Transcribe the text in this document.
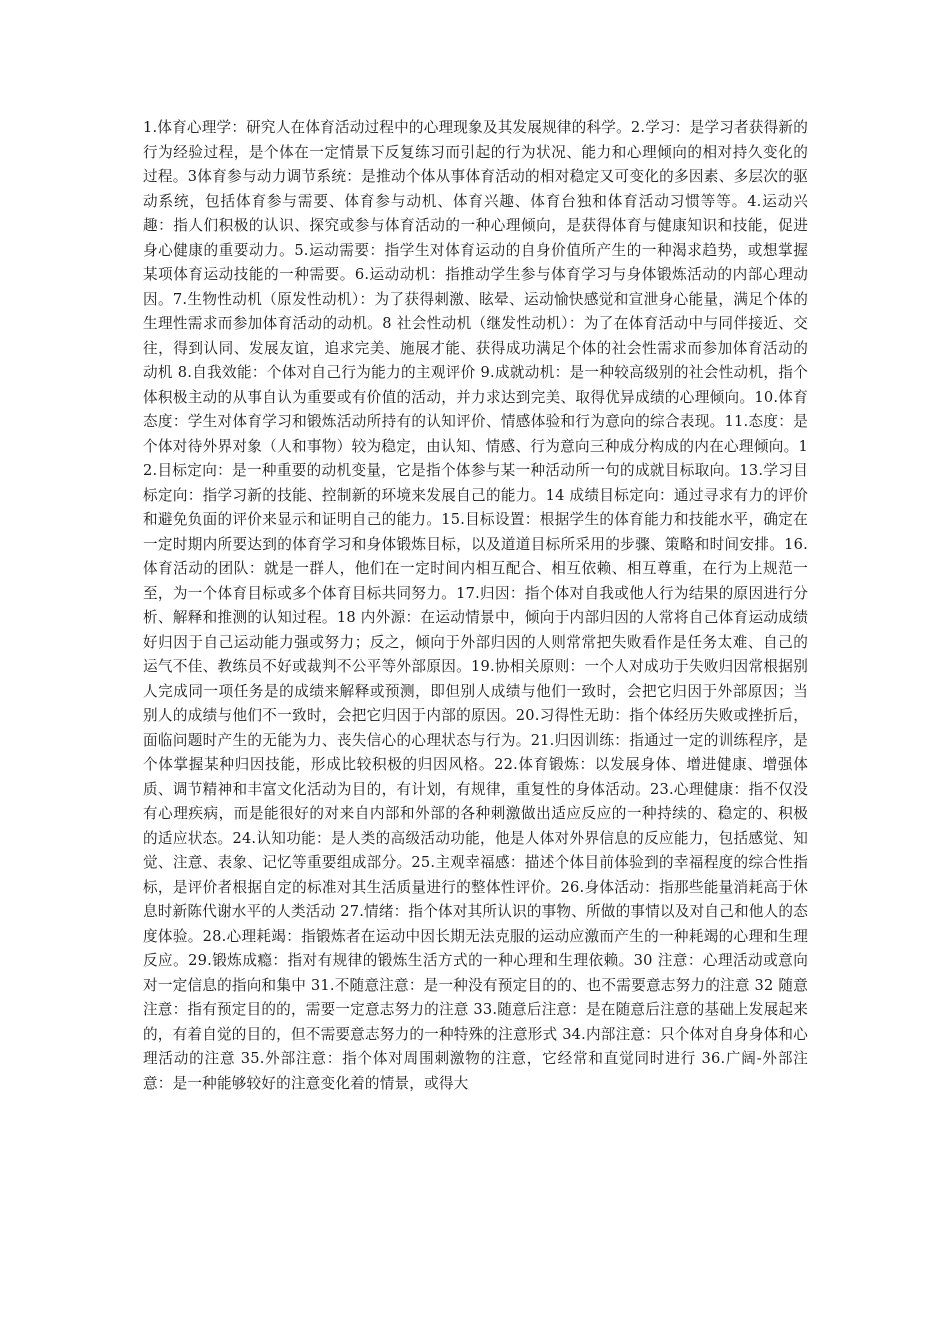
1.体育心理学：研究人在体育活动过程中的心理现象及其发展规律的科学。2.学习：是学习者获得新的行为经验过程，是个体在一定情景下反复练习而引起的行为状况、能力和心理倾向的相对持久变化的过程。3体育参与动力调节系统：是推动个体从事体育活动的相对稳定又可变化的多因素、多层次的驱动系统，包括体育参与需要、体育参与动机、体育兴趣、体育台独和体育活动习惯等等。4.运动兴趣：指人们积极的认识、探究或参与体育活动的一种心理倾向，是获得体育与健康知识和技能，促进身心健康的重要动力。5.运动需要：指学生对体育运动的自身价值所产生的一种渴求趋势，或想掌握某项体育运动技能的一种需要。6.运动动机：指推动学生参与体育学习与身体锻炼活动的内部心理动因。7.生物性动机（原发性动机）：为了获得刺激、眩晕、运动愉快感觉和宣泄身心能量，满足个体的生理性需求而参加体育活动的动机。8 社会性动机（继发性动机）：为了在体育活动中与同伴接近、交往，得到认同、发展友谊，追求完美、施展才能、获得成功满足个体的社会性需求而参加体育活动的动机 8.自我效能：个体对自己行为能力的主观评价 9.成就动机：是一种较高级别的社会性动机，指个体积极主动的从事自认为重要或有价值的活动，并力求达到完美、取得优异成绩的心理倾向。10.体育态度：学生对体育学习和锻炼活动所持有的认知评价、情感体验和行为意向的综合表现。11.态度：是个体对待外界对象（人和事物）较为稳定，由认知、情感、行为意向三种成分构成的内在心理倾向。12.目标定向：是一种重要的动机变量，它是指个体参与某一种活动所一句的成就目标取向。13.学习目标定向：指学习新的技能、控制新的环境来发展自己的能力。14 成绩目标定向：通过寻求有力的评价和避免负面的评价来显示和证明自己的能力。15.目标设置：根据学生的体育能力和技能水平，确定在一定时期内所要达到的体育学习和身体锻炼目标，以及道道目标所采用的步骤、策略和时间安排。16.体育活动的团队：就是一群人，他们在一定时间内相互配合、相互依赖、相互尊重，在行为上规范一至，为一个体育目标或多个体育目标共同努力。17.归因：指个体对自我或他人行为结果的原因进行分析、解释和推测的认知过程。18 内外源：在运动情景中，倾向于内部归因的人常将自己体育运动成绩好归因于自己运动能力强或努力；反之，倾向于外部归因的人则常常把失败看作是任务太难、自己的运气不佳、教练员不好或裁判不公平等外部原因。19.协相关原则：一个人对成功于失败归因常根据别人完成同一项任务是的成绩来解释或预测，即但别人成绩与他们一致时，会把它归因于外部原因；当别人的成绩与他们不一致时，会把它归因于内部的原因。20.习得性无助：指个体经历失败或挫折后，面临问题时产生的无能为力、丧失信心的心理状态与行为。21.归因训练：指通过一定的训练程序，是个体掌握某种归因技能，形成比较积极的归因风格。22.体育锻炼：以发展身体、增进健康、增强体质、调节精神和丰富文化活动为目的，有计划，有规律，重复性的身体活动。23.心理健康：指不仅没有心理疾病，而是能很好的对来自内部和外部的各种刺激做出适应反应的一种持续的、稳定的、积极的适应状态。24.认知功能：是人类的高级活动功能，他是人体对外界信息的反应能力，包括感觉、知觉、注意、表象、记忆等重要组成部分。25.主观幸福感：描述个体目前体验到的幸福程度的综合性指标，是评价者根据自定的标准对其生活质量进行的整体性评价。26.身体活动：指那些能量消耗高于休息时新陈代谢水平的人类活动 27.情绪：指个体对其所认识的事物、所做的事情以及对自己和他人的态度体验。28.心理耗竭：指锻炼者在运动中因长期无法克服的运动应激而产生的一种耗竭的心理和生理反应。29.锻炼成瘾：指对有规律的锻炼生活方式的一种心理和生理依赖。30 注意：心理活动或意向对一定信息的指向和集中 31.不随意注意：是一种没有预定目的的、也不需要意志努力的注意 32 随意注意：指有预定目的的，需要一定意志努力的注意 33.随意后注意：是在随意后注意的基础上发展起来的，有着自觉的目的，但不需要意志努力的一种特殊的注意形式 34.内部注意：只个体对自身身体和心理活动的注意 35.外部注意：指个体对周围刺激物的注意，它经常和直觉同时进行 36.广阔-外部注意：是一种能够较好的注意变化着的情景，或得大
